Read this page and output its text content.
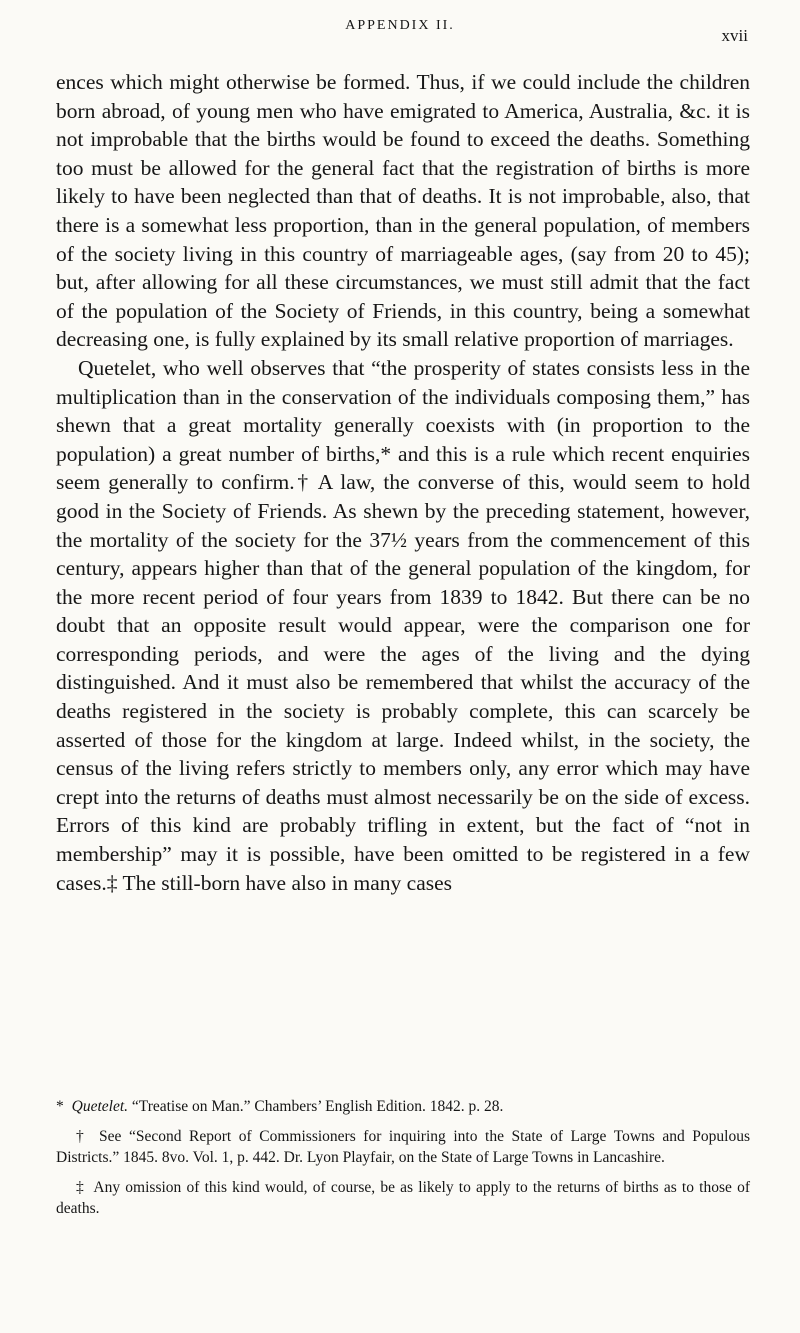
APPENDIX II.
xvii

ences which might otherwise be formed. Thus, if we could include the children born abroad, of young men who have emigrated to America, Australia, &c. it is not improbable that the births would be found to exceed the deaths. Something too must be allowed for the general fact that the registration of births is more likely to have been neglected than that of deaths. It is not improbable, also, that there is a somewhat less proportion, than in the general population, of members of the society living in this country of marriageable ages, (say from 20 to 45); but, after allowing for all these circumstances, we must still admit that the fact of the population of the Society of Friends, in this country, being a somewhat decreasing one, is fully explained by its small relative proportion of marriages.

Quetelet, who well observes that “the prosperity of states consists less in the multiplication than in the conservation of the individuals composing them,” has shewn that a great mortality generally coexists with (in proportion to the population) a great number of births,* and this is a rule which recent enquiries seem generally to confirm.† A law, the converse of this, would seem to hold good in the Society of Friends. As shewn by the preceding statement, however, the mortality of the society for the 37½ years from the commencement of this century, appears higher than that of the general population of the kingdom, for the more recent period of four years from 1839 to 1842. But there can be no doubt that an opposite result would appear, were the comparison one for corresponding periods, and were the ages of the living and the dying distinguished. And it must also be remembered that whilst the accuracy of the deaths registered in the society is probably complete, this can scarcely be asserted of those for the kingdom at large. Indeed whilst, in the society, the census of the living refers strictly to members only, any error which may have crept into the returns of deaths must almost necessarily be on the side of excess. Errors of this kind are probably trifling in extent, but the fact of “not in membership” may it is possible, have been omitted to be registered in a few cases.‡ The still-born have also in many cases

* Quetelet. “Treatise on Man.” Chambers’ English Edition. 1842. p. 28.

† See “Second Report of Commissioners for inquiring into the State of Large Towns and Populous Districts.” 1845. 8vo. Vol. 1, p. 442. Dr. Lyon Playfair, on the State of Large Towns in Lancashire.

‡ Any omission of this kind would, of course, be as likely to apply to the returns of births as to those of deaths.
